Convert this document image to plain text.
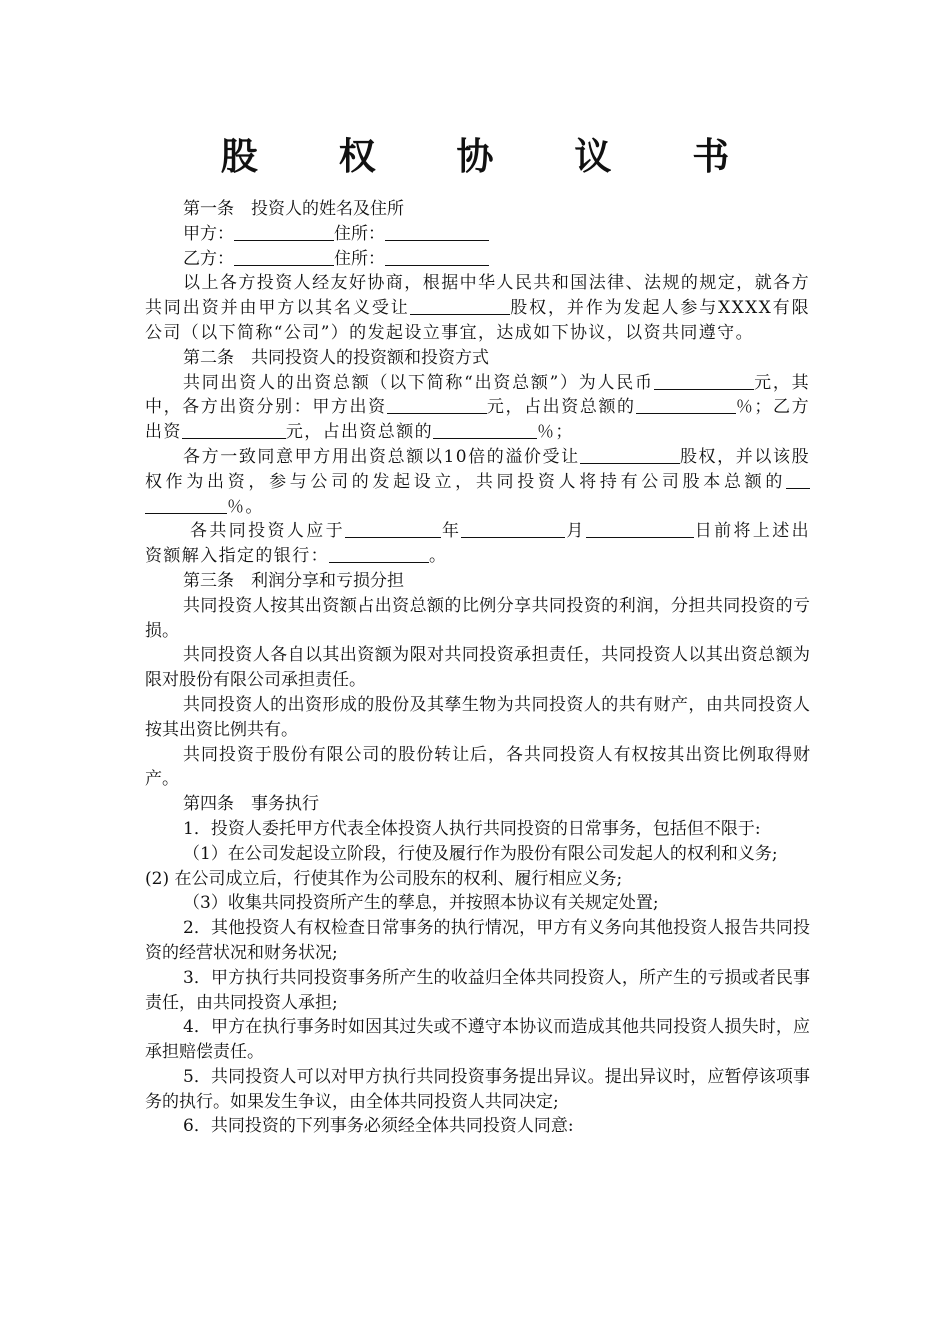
股 权 协 议 书

第一条　投资人的姓名及住所

甲方：	住所：

乙方：	住所：

以上各方投资人经友好协商，根据中华人民共和国法律、法规的规定，就各方共同出资并由甲方以其名义受让	股权，并作为发起人参与XXXX有限公司（以下简称“公司”）的发起设立事宜，达成如下协议，以资共同遵守。

第二条　共同投资人的投资额和投资方式

共同出资人的出资总额（以下简称“出资总额”）为人民币	元，其中，各方出资分别：甲方出资	元，占出资总额的	％；乙方出资	元，占出资总额的	％；

各方一致同意甲方用出资总额以10倍的溢价受让	股权，并以该股权作为出资，参与公司的发起设立，共同投资人将持有公司股本总额的％。

各共同投资人应于	年	月	日前将上述出资额解入指定的银行：	。

第三条　利润分享和亏损分担

共同投资人按其出资额占出资总额的比例分享共同投资的利润，分担共同投资的亏损。

共同投资人各自以其出资额为限对共同投资承担责任，共同投资人以其出资总额为限对股份有限公司承担责任。

共同投资人的出资形成的股份及其孳生物为共同投资人的共有财产，由共同投资人按其出资比例共有。

共同投资于股份有限公司的股份转让后，各共同投资人有权按其出资比例取得财产。

第四条　事务执行

1．投资人委托甲方代表全体投资人执行共同投资的日常事务，包括但不限于:

（1）在公司发起设立阶段，行使及履行作为股份有限公司发起人的权利和义务;

(2) 在公司成立后，行使其作为公司股东的权利、履行相应义务;

（3）收集共同投资所产生的孳息，并按照本协议有关规定处置;

2．其他投资人有权检查日常事务的执行情况，甲方有义务向其他投资人报告共同投资的经营状况和财务状况;

3．甲方执行共同投资事务所产生的收益归全体共同投资人，所产生的亏损或者民事责任，由共同投资人承担;

4．甲方在执行事务时如因其过失或不遵守本协议而造成其他共同投资人损失时，应承担赔偿责任。

5．共同投资人可以对甲方执行共同投资事务提出异议。提出异议时，应暂停该项事务的执行。如果发生争议，由全体共同投资人共同决定;

6．共同投资的下列事务必须经全体共同投资人同意:
